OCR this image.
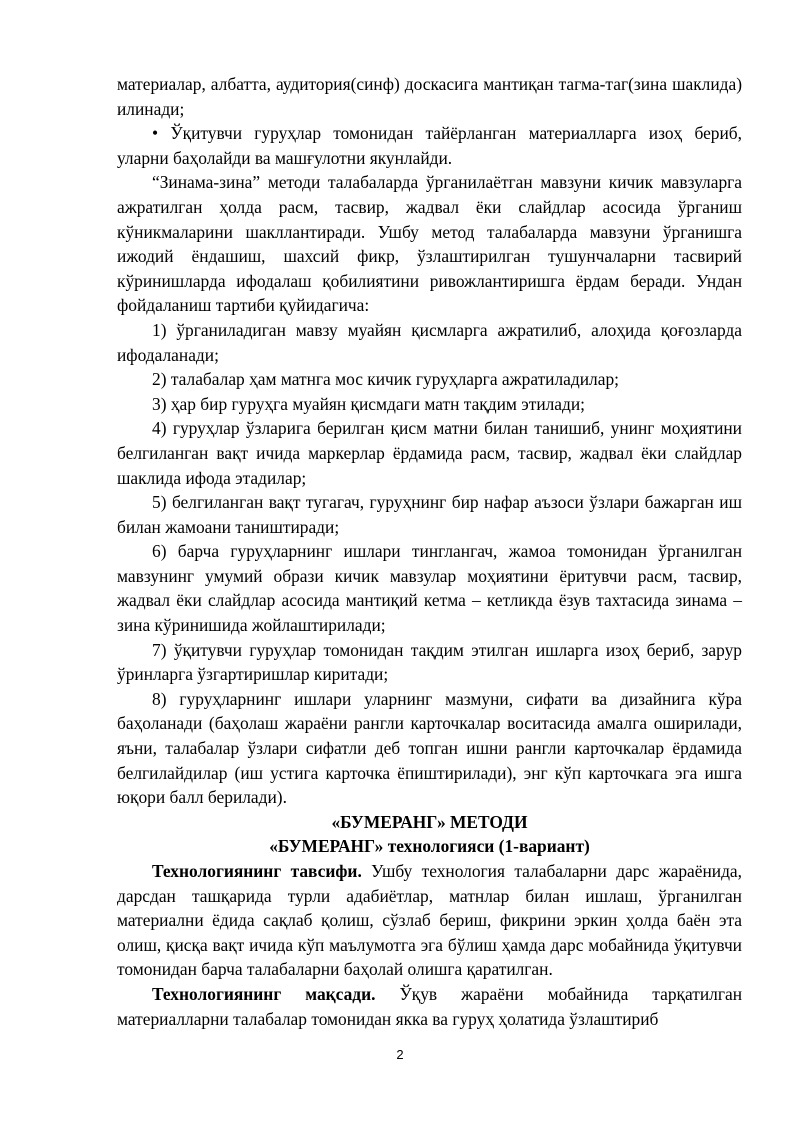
материалар, албатта, аудитория(синф) доскасига мантиқан тагма-таг(зина шаклида) илинади;

• Ўқитувчи гуруҳлар томонидан тайёрланган материалларга изоҳ бериб, уларни баҳолайди ва машғулотни якунлайди.

“Зинама-зина” методи талабаларда ўрганилаётган мавзуни кичик мавзуларга ажратилган ҳолда расм, тасвир, жадвал ёки слайдлар асосида ўрганиш кўникмаларини шакллантиради. Ушбу метод талабаларда мавзуни ўрганишга ижодий ёндашиш, шахсий фикр, ўзлаштирилган тушунчаларни тасвирий кўринишларда ифодалаш қобилиятини ривожлантиришга ёрдам беради. Ундан фойдаланиш тартиби қуйидагича:

1) ўрганиладиган мавзу муайян қисмларга ажратилиб, алоҳида қоғозларда ифодаланади;

2) талабалар ҳам матнга мос кичик гуруҳларга ажратиладилар;

3) ҳар бир гуруҳга муайян қисмдаги матн тақдим этилади;

4) гуруҳлар ўзларига берилган қисм матни билан танишиб, унинг моҳиятини белгиланган вақт ичида маркерлар ёрдамида расм, тасвир, жадвал ёки слайдлар шаклида ифода этадилар;

5) белгиланган вақт тугагач, гуруҳнинг бир нафар аъзоси ўзлари бажарган иш билан жамоани таништиради;

6) барча гуруҳларнинг ишлари тинглангач, жамоа томонидан ўрганилган мавзунинг умумий образи кичик мавзулар моҳиятини ёритувчи расм, тасвир, жадвал ёки слайдлар асосида мантиқий кетма – кетликда ёзув тахтасида зинама – зина кўринишида жойлаштирилади;

7) ўқитувчи гуруҳлар томонидан тақдим этилган ишларга изоҳ бериб, зарур ўринларга ўзгартиришлар киритади;

8) гуруҳларнинг ишлари уларнинг мазмуни, сифати ва дизайнига кўра баҳоланади (баҳолаш жараёни рангли карточкалар воситасида амалга оширилади, яъни, талабалар ўзлари сифатли деб топган ишни рангли карточкалар ёрдамида белгилайдилар (иш устига карточка ёпиштирилади), энг кўп карточкага эга ишга юқори балл берилади).

«БУМЕРАНГ» МЕТОДИ

«БУМЕРАНГ» технологияси (1-вариант)

Технологиянинг тавсифи. Ушбу технология талабаларни дарс жараёнида, дарсдан ташқарида турли адабиётлар, матнлар билан ишлаш, ўрганилган материални ёдида сақлаб қолиш, сўзлаб бериш, фикрини эркин ҳолда баён эта олиш, қисқа вақт ичида кўп маълумотга эга бўлиш ҳамда дарс мобайнида ўқитувчи томонидан барча талабаларни баҳолай олишга қаратилган.

Технологиянинг мақсади. Ўқув жараёни мобайнида тарқатилган материалларни талабалар томонидан якка ва гуруҳ ҳолатида ўзлаштириб

2
